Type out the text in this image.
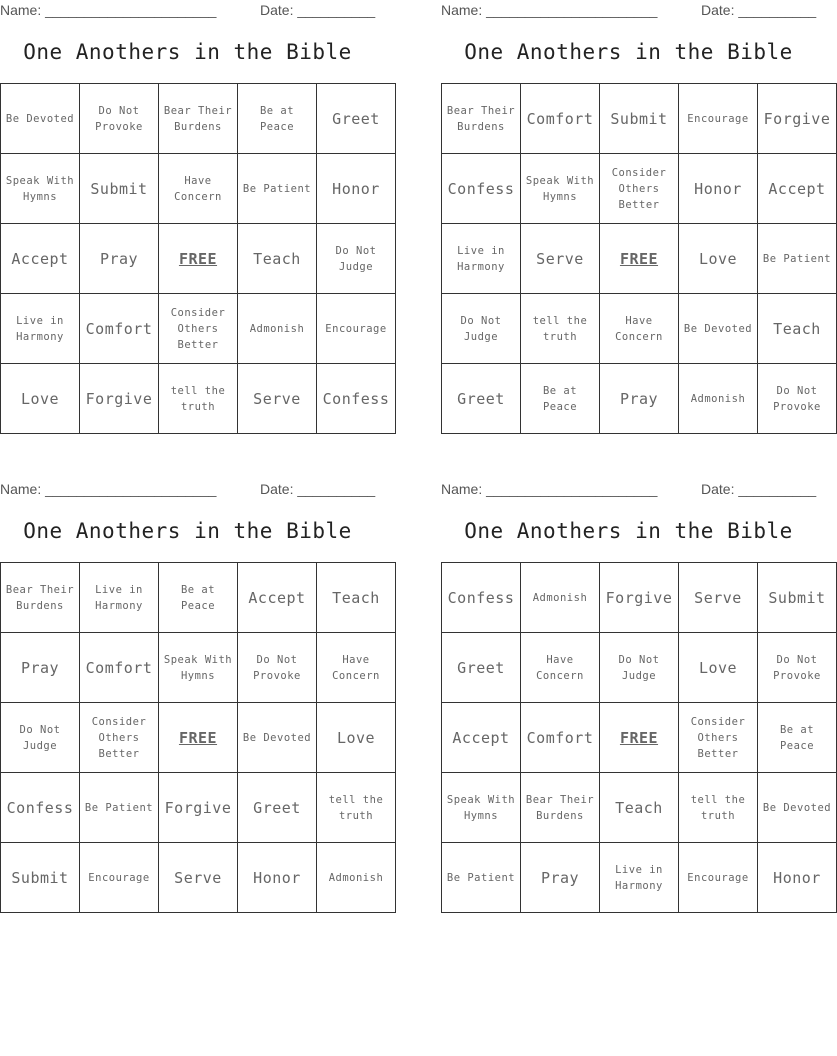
Name: ______________________	Date: __________
One Anothers in the Bible
Be Devoted	Do Not Provoke	Bear Their Burdens	Be at Peace	Greet
Speak With Hymns	Submit	Have Concern	Be Patient	Honor
Accept	Pray	FREE	Teach	Do Not Judge
Live in Harmony	Comfort	Consider Others Better	Admonish	Encourage
Love	Forgive	tell the truth	Serve	Confess
Name: ______________________	Date: __________
One Anothers in the Bible
Bear Their Burdens	Comfort	Submit	Encourage	Forgive
Confess	Speak With Hymns	Consider Others Better	Honor	Accept
Live in Harmony	Serve	FREE	Love	Be Patient
Do Not Judge	tell the truth	Have Concern	Be Devoted	Teach
Greet	Be at Peace	Pray	Admonish	Do Not Provoke
Name: ______________________	Date: __________
One Anothers in the Bible
Bear Their Burdens	Live in Harmony	Be at Peace	Accept	Teach
Pray	Comfort	Speak With Hymns	Do Not Provoke	Have Concern
Do Not Judge	Consider Others Better	FREE	Be Devoted	Love
Confess	Be Patient	Forgive	Greet	tell the truth
Submit	Encourage	Serve	Honor	Admonish
Name: ______________________	Date: __________
One Anothers in the Bible
Confess	Admonish	Forgive	Serve	Submit
Greet	Have Concern	Do Not Judge	Love	Do Not Provoke
Accept	Comfort	FREE	Consider Others Better	Be at Peace
Speak With Hymns	Bear Their Burdens	Teach	tell the truth	Be Devoted
Be Patient	Pray	Live in Harmony	Encourage	Honor
